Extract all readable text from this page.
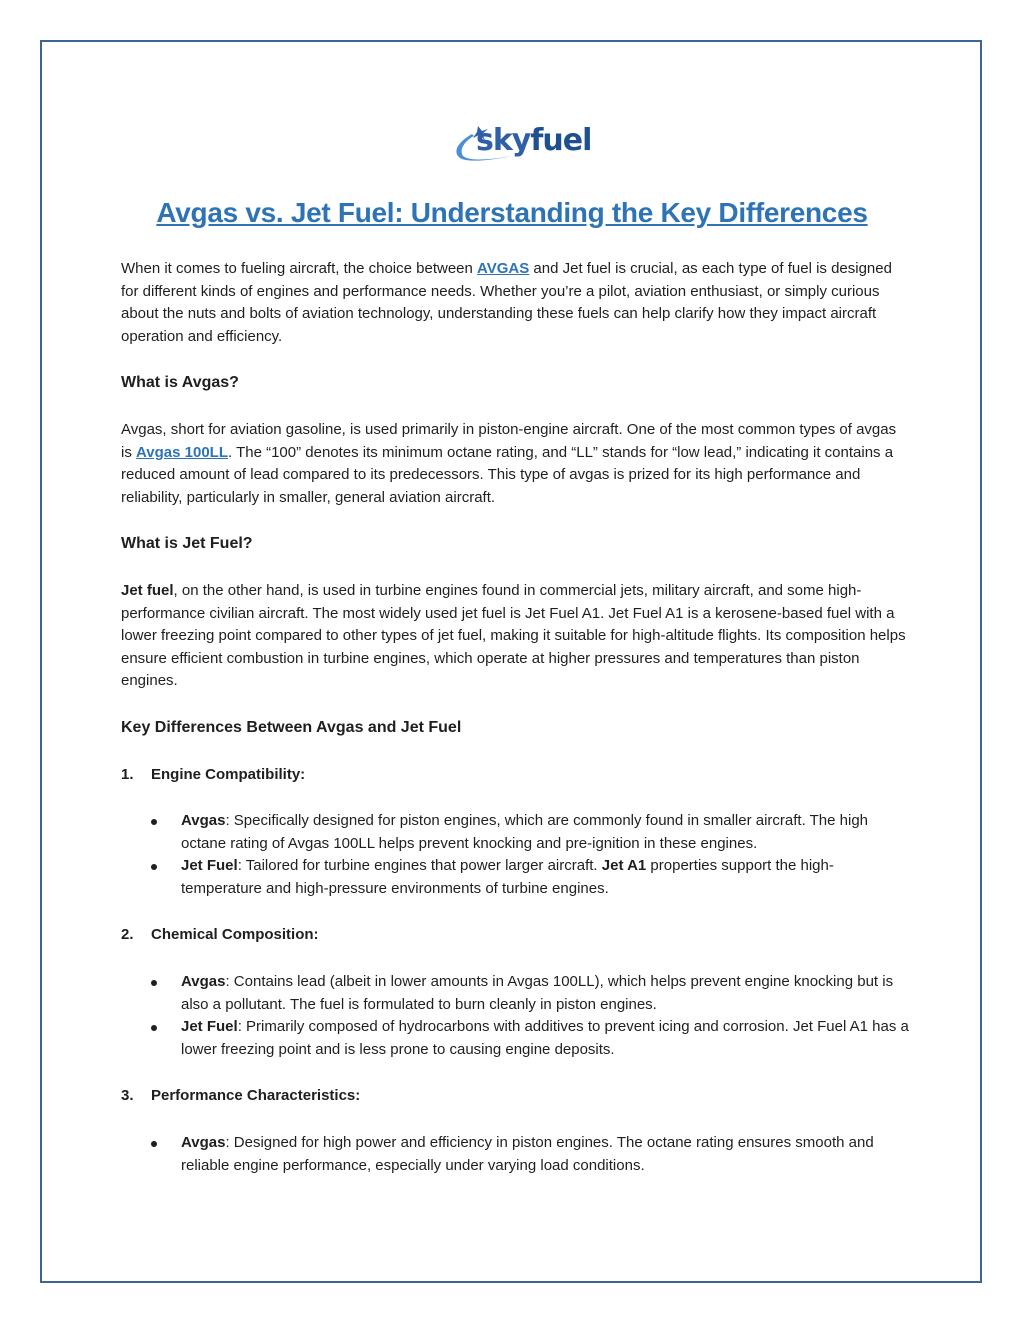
skyfuel
Avgas vs. Jet Fuel: Understanding the Key Differences

When it comes to fueling aircraft, the choice between AVGAS and Jet fuel is crucial, as each type of fuel is designed for different kinds of engines and performance needs. Whether you’re a pilot, aviation enthusiast, or simply curious about the nuts and bolts of aviation technology, understanding these fuels can help clarify how they impact aircraft operation and efficiency.

What is Avgas?

Avgas, short for aviation gasoline, is used primarily in piston-engine aircraft. One of the most common types of avgas is Avgas 100LL. The “100” denotes its minimum octane rating, and “LL” stands for “low lead,” indicating it contains a reduced amount of lead compared to its predecessors. This type of avgas is prized for its high performance and reliability, particularly in smaller, general aviation aircraft.

What is Jet Fuel?

Jet fuel, on the other hand, is used in turbine engines found in commercial jets, military aircraft, and some high-performance civilian aircraft. The most widely used jet fuel is Jet Fuel A1. Jet Fuel A1 is a kerosene-based fuel with a lower freezing point compared to other types of jet fuel, making it suitable for high-altitude flights. Its composition helps ensure efficient combustion in turbine engines, which operate at higher pressures and temperatures than piston engines.

Key Differences Between Avgas and Jet Fuel

1. Engine Compatibility:

Avgas: Specifically designed for piston engines, which are commonly found in smaller aircraft. The high octane rating of Avgas 100LL helps prevent knocking and pre-ignition in these engines.
Jet Fuel: Tailored for turbine engines that power larger aircraft. Jet A1 properties support the high-temperature and high-pressure environments of turbine engines.

2. Chemical Composition:

Avgas: Contains lead (albeit in lower amounts in Avgas 100LL), which helps prevent engine knocking but is also a pollutant. The fuel is formulated to burn cleanly in piston engines.
Jet Fuel: Primarily composed of hydrocarbons with additives to prevent icing and corrosion. Jet Fuel A1 has a lower freezing point and is less prone to causing engine deposits.

3. Performance Characteristics:

Avgas: Designed for high power and efficiency in piston engines. The octane rating ensures smooth and reliable engine performance, especially under varying load conditions.
